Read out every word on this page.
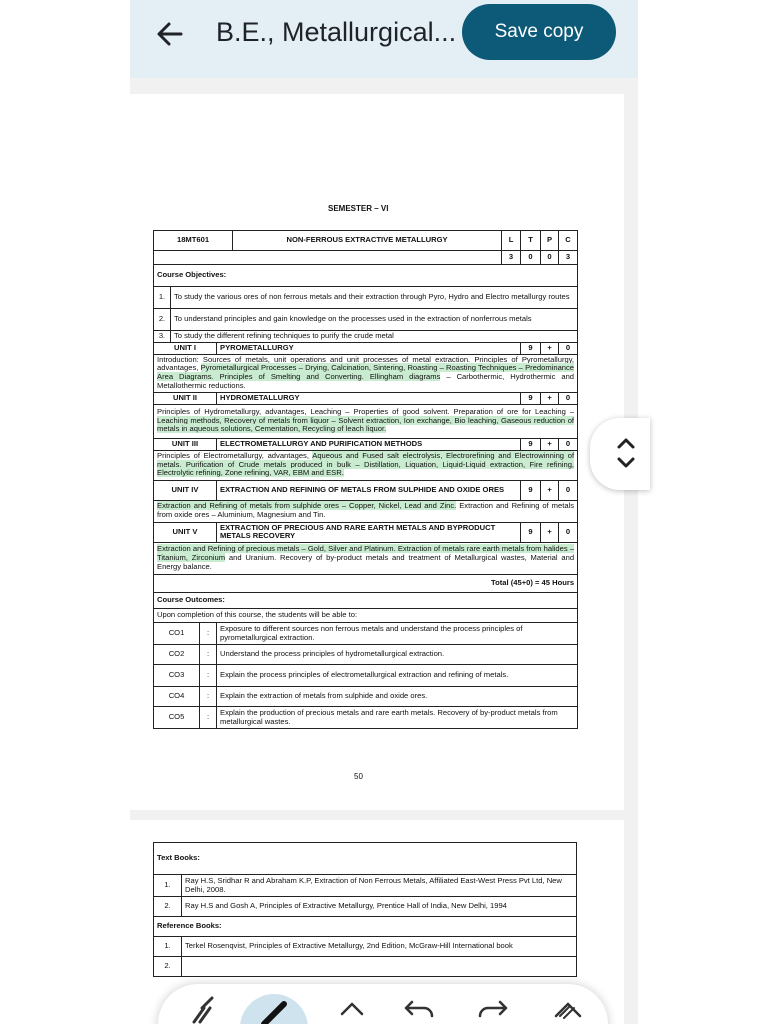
B.E., Metallurgical...	Save copy
SEMESTER – VI
18MT601				NON-FERROUS EXTRACTIVE METALLURGY	L	T	P	C
					3	0	0	3
Course Objectives:								
1.	To study the various ores of non ferrous metals and their extraction through Pyro, Hydro and Electro metallurgy routes							
2.	To understand principles and gain knowledge on the processes used in the extraction of nonferrous metals							
3.	To study the different refining techniques to purify the crude metal							
UNIT I			PYROMETALLURGY			9	+	0
Introduction: Sources of metals, unit operations and unit processes of metal extraction. Principles of Pyrometallurgy, advantages, Pyrometallurgical Processes – Drying, Calcination, Sintering, Roasting – Roasting Techniques – Predominance Area Diagrams. Principles of Smelting and Converting. Ellingham diagrams – Carbothermic, Hydrothermic and Metallothermic reductions.								
UNIT II			HYDROMETALLURGY			9	+	0
Principles of Hydrometallurgy, advantages, Leaching – Properties of good solvent. Preparation of ore for Leaching – Leaching methods, Recovery of metals from liquor – Solvent extraction, Ion exchange, Bio leaching, Gaseous reduction of metals in aqueous solutions, Cementation, Recycling of leach liquor.								
UNIT III			ELECTROMETALLURGY AND PURIFICATION METHODS			9	+	0
Principles of Electrometallurgy, advantages, Aqueous and Fused salt electrolysis, Electrorefining and Electrowinning of metals. Purification of Crude metals produced in bulk – Distillation, Liquation, Liquid-Liquid extraction, Fire refining, Electrolytic refining, Zone refining, VAR, EBM and ESR.								
UNIT IV			EXTRACTION AND REFINING OF METALS FROM SULPHIDE AND OXIDE ORES			9	+	0
Extraction and Refining of metals from sulphide ores – Copper, Nickel, Lead and Zinc. Extraction and Refining of metals from oxide ores – Aluminium, Magnesium and Tin.								
UNIT V			EXTRACTION OF PRECIOUS AND RARE EARTH METALS AND BYPRODUCT METALS RECOVERY			9	+	0
Extraction and Refining of precious metals – Gold, Silver and Platinum. Extraction of metals rare earth metals from halides – Titanium, Zirconium and Uranium. Recovery of by-product metals and treatment of Metallurgical wastes, Material and Energy balance.								
Total (45+0) = 45 Hours								
Course Outcomes:								
Upon completion of this course, the students will be able to:								
CO1		:	Exposure to different sources non ferrous metals and understand the process principles of pyrometallurgical extraction.					
CO2		:	Understand the process principles of hydrometallurgical extraction.					
CO3		:	Explain the process principles of electrometallurgical extraction and refining of metals.					
CO4		:	Explain the extraction of metals from sulphide and oxide ores.					
CO5		:	Explain the production of precious metals and rare earth metals. Recovery of by-product metals from metallurgical wastes.					
50
Text Books:	
1.	Ray H.S, Sridhar R and Abraham K.P, Extraction of Non Ferrous Metals, Affiliated East-West Press Pvt Ltd, New Delhi, 2008.
2.	Ray H.S and Gosh A, Principles of Extractive Metallurgy, Prentice Hall of India, New Delhi, 1994
Reference Books:	
1.	Terkel Rosenqvist, Principles of Extractive Metallurgy, 2nd Edition, McGraw-Hill International book
2.	
